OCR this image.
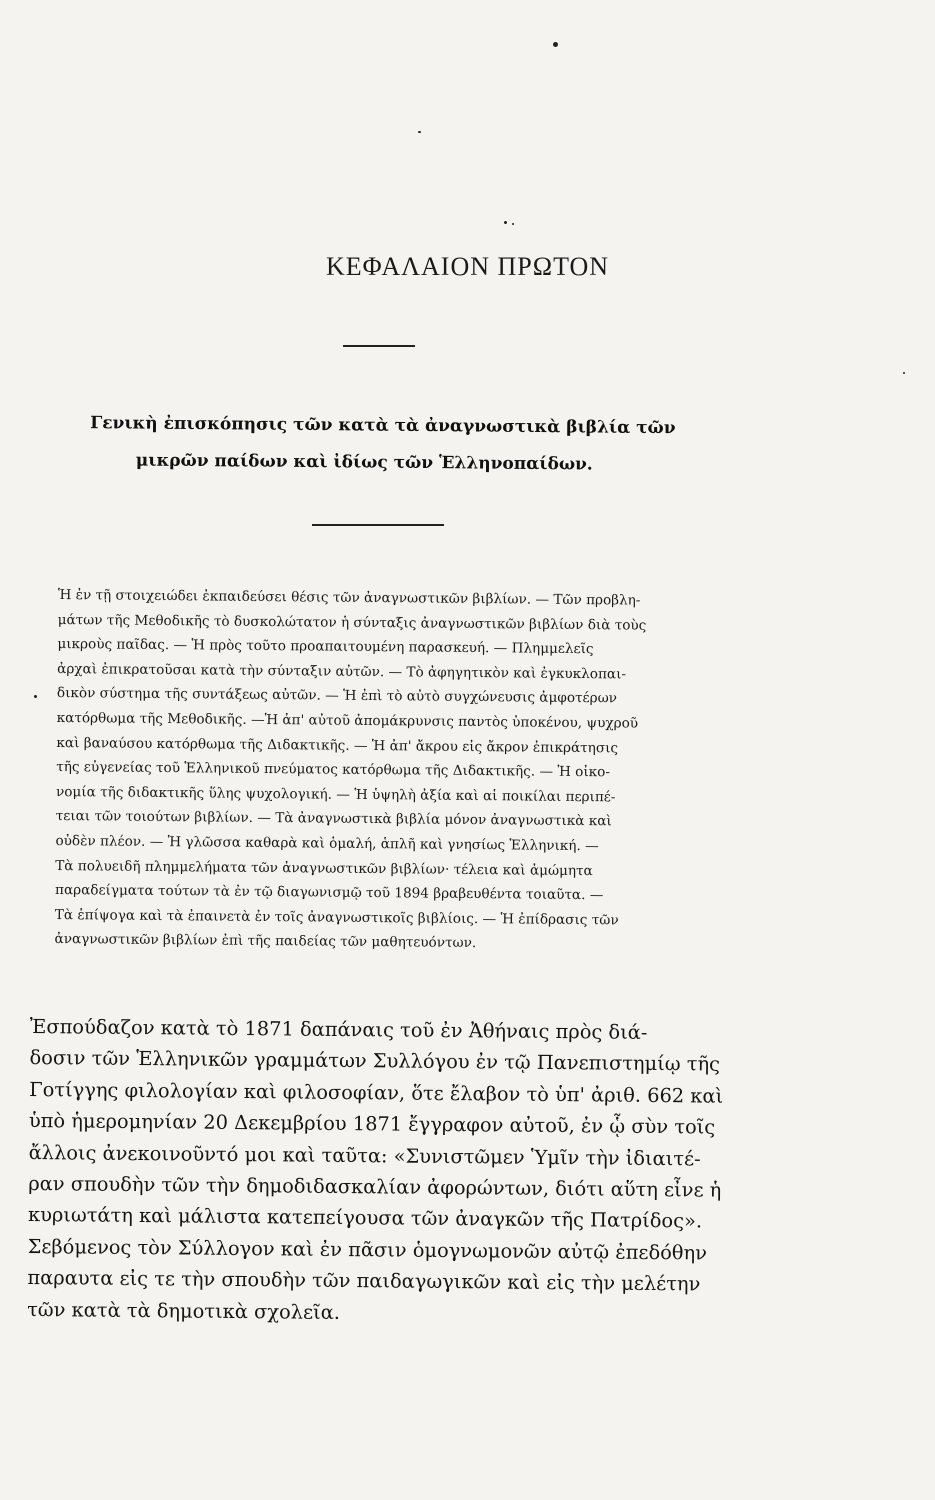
ΚΕΦΑΛΑΙΟΝ ΠΡΩΤΟΝ
Γενικὴ ἐπισκόπησις τῶν κατὰ τὰ ἀναγνωστικὰ βιβλία τῶν
μικρῶν παίδων καὶ ἰδίως τῶν Ἑλληνοπαίδων.
Ἡ ἐν τῇ στοιχειώδει ἐκπαιδεύσει θέσις τῶν ἀναγνωστικῶν βιβλίων. — Τῶν προβλη-
μάτων τῆς Μεθοδικῆς τὸ δυσκολώτατον ἡ σύνταξις ἀναγνωστικῶν βιβλίων διὰ τοὺς
μικροὺς παῖδας. — Ἡ πρὸς τοῦτο προαπαιτουμένη παρασκευή. — Πλημμελεῖς
ἀρχαὶ ἐπικρατοῦσαι κατὰ τὴν σύνταξιν αὐτῶν. — Τὸ ἀφηγητικὸν καὶ ἐγκυκλοπαι-
δικὸν σύστημα τῆς συντάξεως αὐτῶν. — Ἡ ἐπὶ τὸ αὐτὸ συγχώνευσις ἀμφοτέρων
κατόρθωμα τῆς Μεθοδικῆς. —Ἡ ἀπ' αὐτοῦ ἀπομάκρυνσις παντὸς ὑποκένου, ψυχροῦ
καὶ βαναύσου κατόρθωμα τῆς Διδακτικῆς. — Ἡ ἀπ' ἄκρου εἰς ἄκρον ἐπικράτησις
τῆς εὐγενείας τοῦ Ἑλληνικοῦ πνεύματος κατόρθωμα τῆς Διδακτικῆς. — Ἡ οἰκο-
νομία τῆς διδακτικῆς ὕλης ψυχολογική. — Ἡ ὑψηλὴ ἀξία καὶ αἱ ποικίλαι περιπέ-
τειαι τῶν τοιούτων βιβλίων. — Τὰ ἀναγνωστικὰ βιβλία μόνον ἀναγνωστικὰ καὶ
οὐδὲν πλέον. — Ἡ γλῶσσα καθαρὰ καὶ ὁμαλή, ἁπλῆ καὶ γνησίως Ἑλληνική. —
Τὰ πολυειδῆ πλημμελήματα τῶν ἀναγνωστικῶν βιβλίων· τέλεια καὶ ἀμώμητα
παραδείγματα τούτων τὰ ἐν τῷ διαγωνισμῷ τοῦ 1894 βραβευθέντα τοιαῦτα. —
Τὰ ἐπίψογα καὶ τὰ ἐπαινετὰ ἐν τοῖς ἀναγνωστικοῖς βιβλίοις. — Ἡ ἐπίδρασις τῶν
ἀναγνωστικῶν βιβλίων ἐπὶ τῆς παιδείας τῶν μαθητευόντων.
Ἐσπούδαζον κατὰ τὸ 1871 δαπάναις τοῦ ἐν Ἀθήναις πρὸς διά-
δοσιν τῶν Ἑλληνικῶν γραμμάτων Συλλόγου ἐν τῷ Πανεπιστημίῳ τῆς
Γοτίγγης φιλολογίαν καὶ φιλοσοφίαν, ὅτε ἔλαβον τὸ ὑπ' ἀριθ. 662 καὶ
ὑπὸ ἡμερομηνίαν 20 Δεκεμβρίου 1871 ἔγγραφον αὐτοῦ, ἐν ᾧ σὺν τοῖς
ἄλλοις ἀνεκοινοῦντό μοι καὶ ταῦτα: «Συνιστῶμεν Ὑμῖν τὴν ἰδιαιτέ-
ραν σπουδὴν τῶν τὴν δημοδιδασκαλίαν ἀφορώντων, διότι αὕτη εἶνε ἡ
κυριωτάτη καὶ μάλιστα κατεπείγουσα τῶν ἀναγκῶν τῆς Πατρίδος».
Σεβόμενος τὸν Σύλλογον καὶ ἐν πᾶσιν ὁμογνωμονῶν αὐτῷ ἐπεδόθην
παραυτα εἰς τε τὴν σπουδὴν τῶν παιδαγωγικῶν καὶ εἰς τὴν μελέτην
τῶν κατὰ τὰ δημοτικὰ σχολεῖα.
